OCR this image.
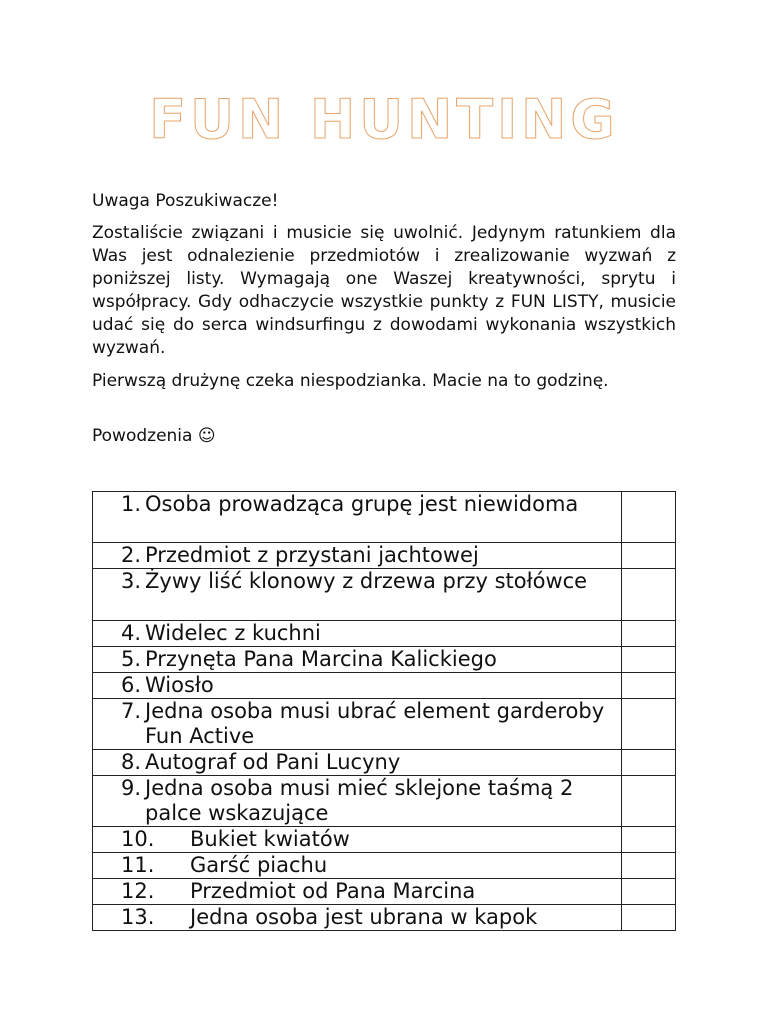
FUN HUNTING
Uwaga Poszukiwacze!
Zostaliście związani i musicie się uwolnić. Jedynym ratunkiem dla Was jest odnalezienie przedmiotów i zrealizowanie wyzwań z poniższej listy. Wymagają one Waszej kreatywności, sprytu i współpracy. Gdy odhaczycie wszystkie punkty z FUN LISTY, musicie udać się do serca windsurfingu z dowodami wykonania wszystkich wyzwań.
Pierwszą drużynę czeka niespodzianka. Macie na to godzinę.
Powodzenia ☺
1. Osoba prowadząca grupę jest niewidoma	

2. Przedmiot z przystani jachtowej	

3. Żywy liść klonowy z drzewa przy stołówce	

4. Widelec z kuchni	

5. Przynęta Pana Marcina Kalickiego	

6. Wiosło	

7. Jedna osoba musi ubrać element garderoby Fun Active	

8. Autograf od Pani Lucyny	

9. Jedna osoba musi mieć sklejone taśmą 2 palce wskazujące	

10. Bukiet kwiatów	

11. Garść piachu	

12. Przedmiot od Pana Marcina	

13. Jedna osoba jest ubrana w kapok	
